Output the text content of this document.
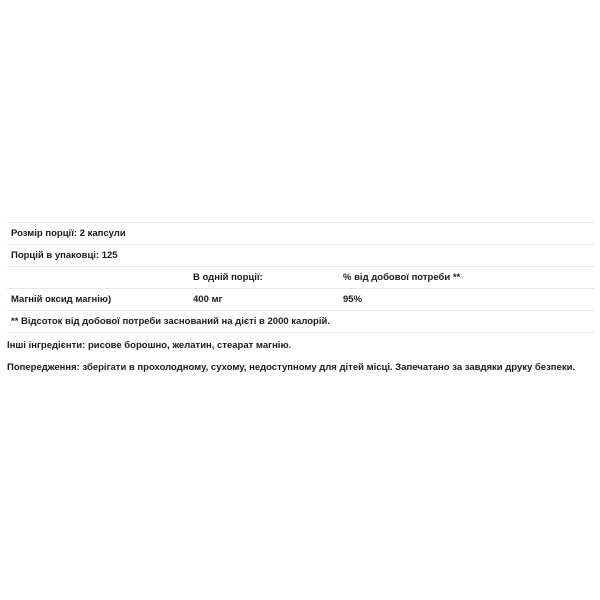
Розмір порції: 2 капсули		
Порцій в упаковці: 125		
	В одній порції:	% від добової потреби **
Магній оксид магнію)	400 мг	95%
** Відсоток від добової потреби заснований на дієті в 2000 калорій.		

Інші інгредієнти: рисове борошно, желатин, стеарат магнію.

Попередження: зберігати в прохолодному, сухому, недоступному для дітей місці. Запечатано за завдяки друку безпеки.
